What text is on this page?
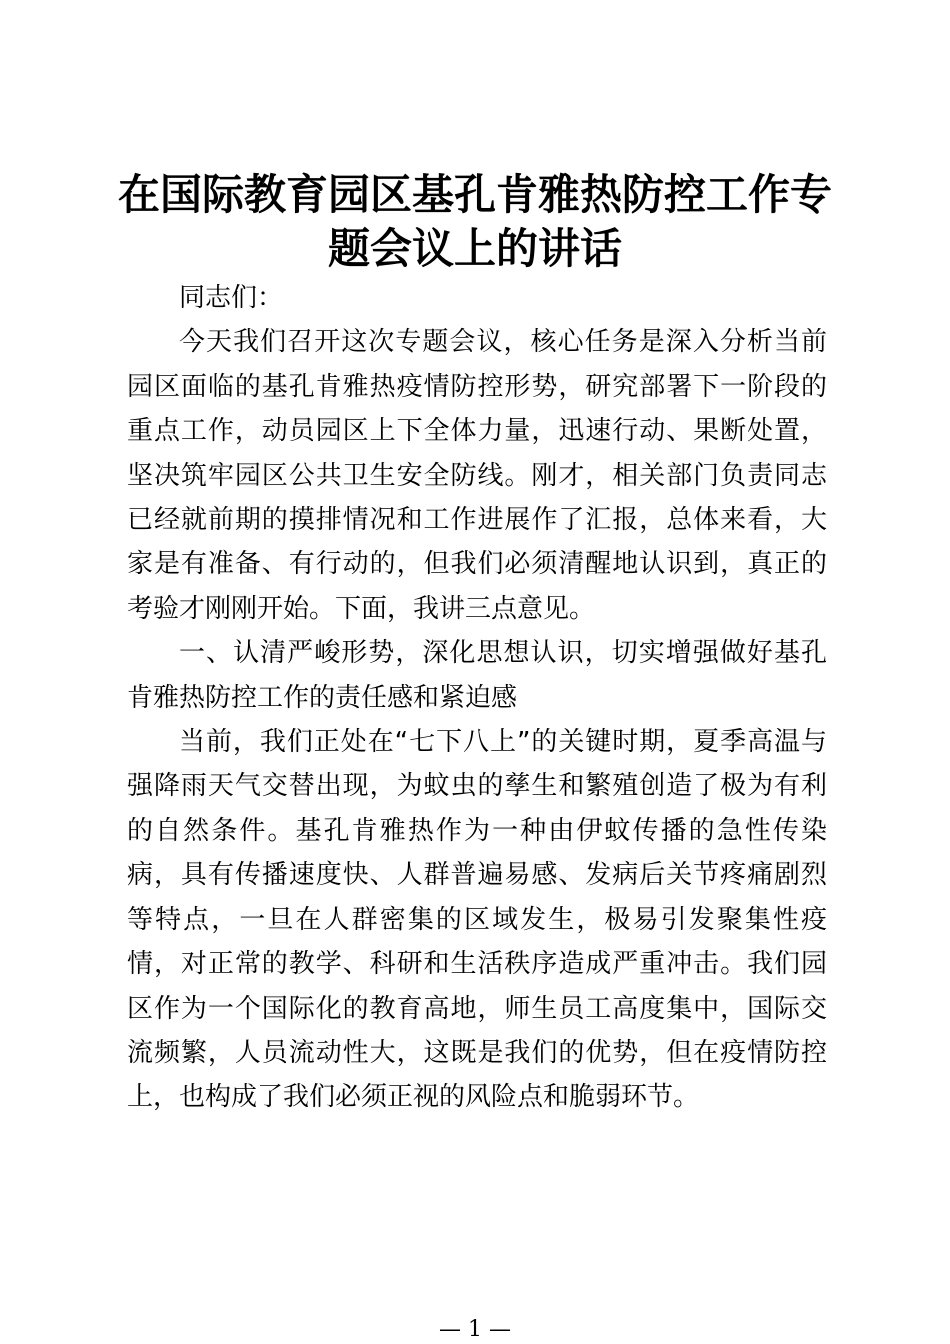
在国际教育园区基孔肯雅热防控工作专题会议上的讲话

同志们：

今天我们召开这次专题会议，核心任务是深入分析当前园区面临的基孔肯雅热疫情防控形势，研究部署下一阶段的重点工作，动员园区上下全体力量，迅速行动、果断处置，坚决筑牢园区公共卫生安全防线。刚才，相关部门负责同志已经就前期的摸排情况和工作进展作了汇报，总体来看，大家是有准备、有行动的，但我们必须清醒地认识到，真正的考验才刚刚开始。下面，我讲三点意见。

一、认清严峻形势，深化思想认识，切实增强做好基孔肯雅热防控工作的责任感和紧迫感

当前，我们正处在“七下八上”的关键时期，夏季高温与强降雨天气交替出现，为蚊虫的孳生和繁殖创造了极为有利的自然条件。基孔肯雅热作为一种由伊蚊传播的急性传染病，具有传播速度快、人群普遍易感、发病后关节疼痛剧烈等特点，一旦在人群密集的区域发生，极易引发聚集性疫情，对正常的教学、科研和生活秩序造成严重冲击。我们园区作为一个国际化的教育高地，师生员工高度集中，国际交流频繁，人员流动性大，这既是我们的优势，但在疫情防控上，也构成了我们必须正视的风险点和脆弱环节。

— 1 —
